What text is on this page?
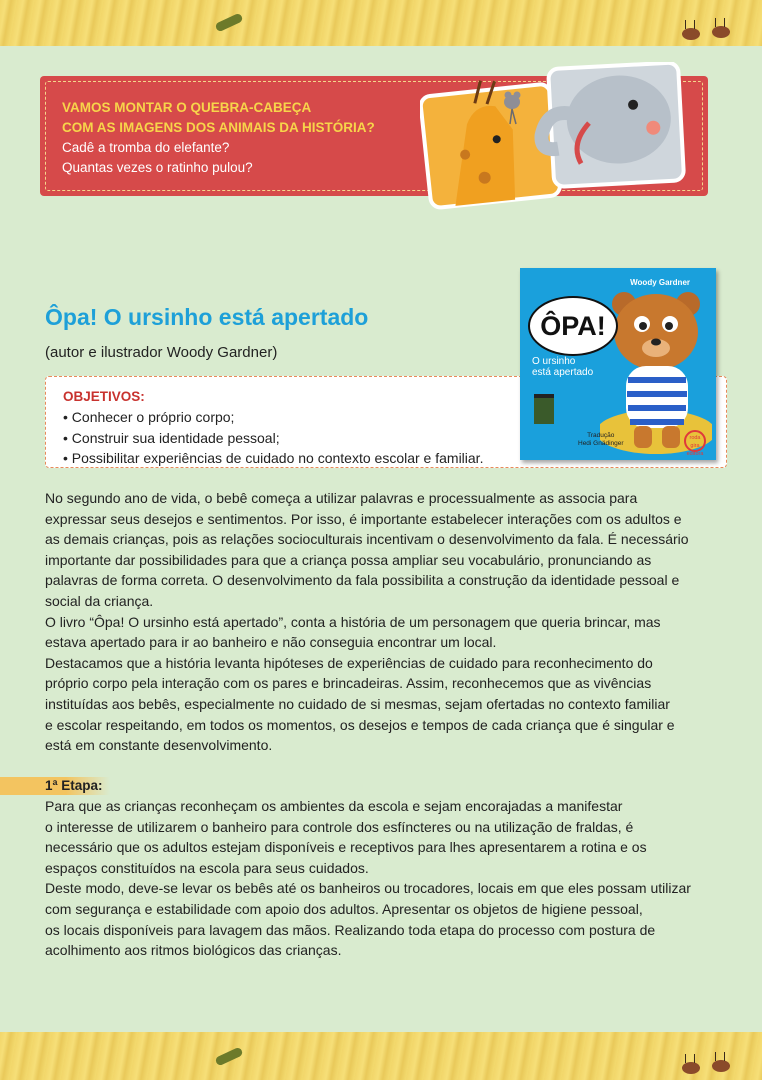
VAMOS MONTAR O QUEBRA-CABEÇA
COM AS IMAGENS DOS ANIMAIS DA HISTÓRIA?
Cadê a tromba do elefante?
Quantas vezes o ratinho pulou?
Ôpa! O ursinho está apertado
(autor e ilustrador Woody Gardner)
OBJETIVOS:
• Conhecer o próprio corpo;
• Construir sua identidade pessoal;
• Possibilitar experiências de cuidado no contexto escolar e familiar.
Woody Gardner
ÔPA!
O ursinho
está apertado
Tradução
Hedi Gnädinger
roda
gira
editora

No segundo ano de vida, o bebê começa a utilizar palavras e processualmente as associa para

expressar seus desejos e sentimentos. Por isso, é importante estabelecer interações com os adultos e

as demais crianças, pois as relações socioculturais incentivam o desenvolvimento da fala. É necessário

importante dar possibilidades para que a criança possa ampliar seu vocabulário, pronunciando as

palavras de forma correta. O desenvolvimento da fala possibilita a construção da identidade pessoal e

social da criança.

O livro “Ôpa! O ursinho está apertado”, conta a história de um personagem que queria brincar, mas

estava apertado para ir ao banheiro e não conseguia encontrar um local.

Destacamos que a história levanta hipóteses de experiências de cuidado para reconhecimento do

próprio corpo pela interação com os pares e brincadeiras. Assim, reconhecemos que as vivências

instituídas aos bebês, especialmente no cuidado de si mesmas, sejam ofertadas no contexto familiar

e escolar respeitando, em todos os momentos, os desejos e tempos de cada criança que é singular e

está em constante desenvolvimento.

1ª Etapa:

Para que as crianças reconheçam os ambientes da escola e sejam encorajadas a manifestar

o interesse de utilizarem o banheiro para controle dos esfíncteres ou na utilização de fraldas, é

necessário que os adultos estejam disponíveis e receptivos para lhes apresentarem a rotina e os

espaços constituídos na escola para seus cuidados.

Deste modo, deve-se levar os bebês até os banheiros ou trocadores, locais em que eles possam utilizar

com segurança e estabilidade com apoio dos adultos. Apresentar os objetos de higiene pessoal,

os locais disponíveis para lavagem das mãos. Realizando toda etapa do processo com postura de

acolhimento aos ritmos biológicos das crianças.
